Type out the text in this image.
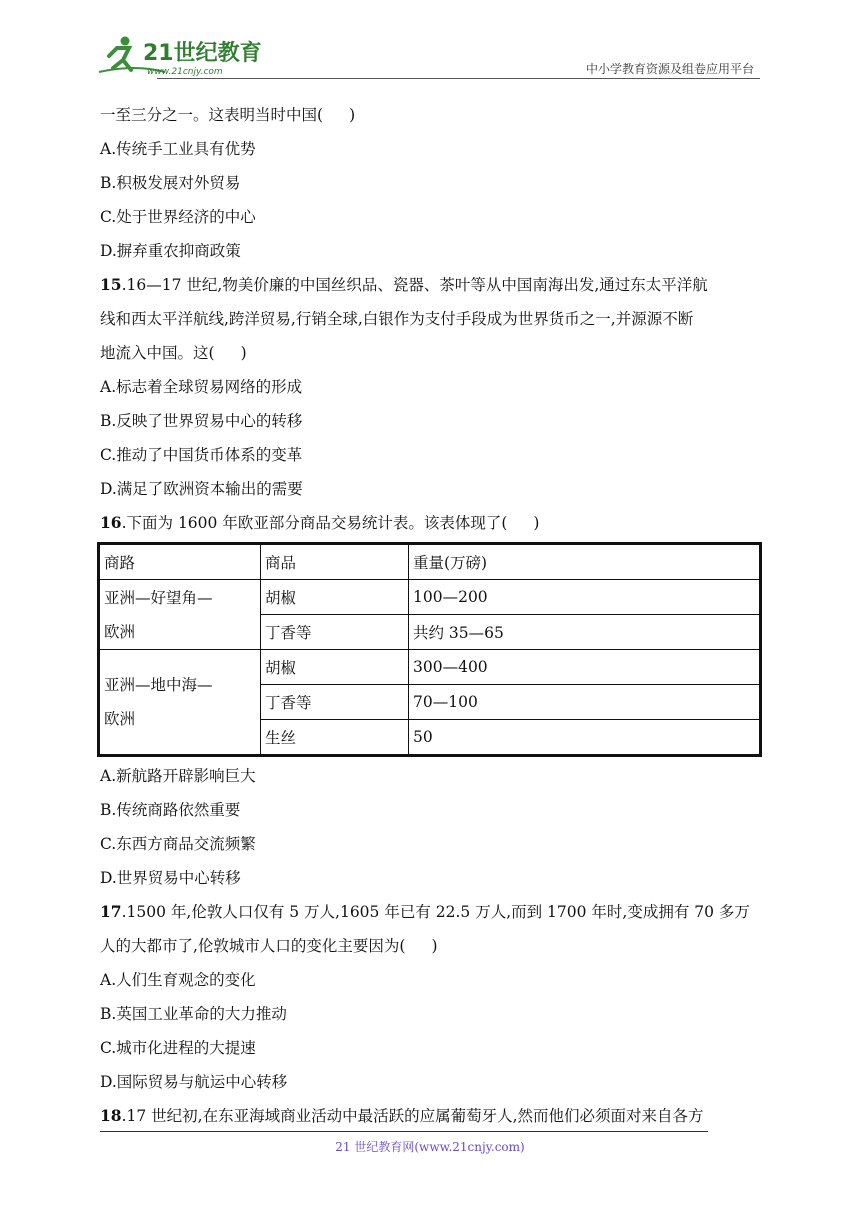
21世纪教育
www.21cnjy.com	中小学教育资源及组卷应用平台
一至三分之一。这表明当时中国( )
A.传统手工业具有优势
B.积极发展对外贸易
C.处于世界经济的中心
D.摒弃重农抑商政策
15.16—17 世纪,物美价廉的中国丝织品、瓷器、茶叶等从中国南海出发,通过东太平洋航
线和西太平洋航线,跨洋贸易,行销全球,白银作为支付手段成为世界货币之一,并源源不断
地流入中国。这( )
A.标志着全球贸易网络的形成
B.反映了世界贸易中心的转移
C.推动了中国货币体系的变革
D.满足了欧洲资本输出的需要
16.下面为 1600 年欧亚部分商品交易统计表。该表体现了( )
商路	商品	重量(万磅)
亚洲—好望角—
欧洲	胡椒	100—200
	丁香等	共约 35—65
亚洲—地中海—
欧洲	胡椒	300—400
	丁香等	70—100
	生丝	50
A.新航路开辟影响巨大
B.传统商路依然重要
C.东西方商品交流频繁
D.世界贸易中心转移
17.1500 年,伦敦人口仅有 5 万人,1605 年已有 22.5 万人,而到 1700 年时,变成拥有 70 多万
人的大都市了,伦敦城市人口的变化主要因为( )
A.人们生育观念的变化
B.英国工业革命的大力推动
C.城市化进程的大提速
D.国际贸易与航运中心转移
18.17 世纪初,在东亚海域商业活动中最活跃的应属葡萄牙人,然而他们必须面对来自各方
21 世纪教育网(www.21cnjy.com)
